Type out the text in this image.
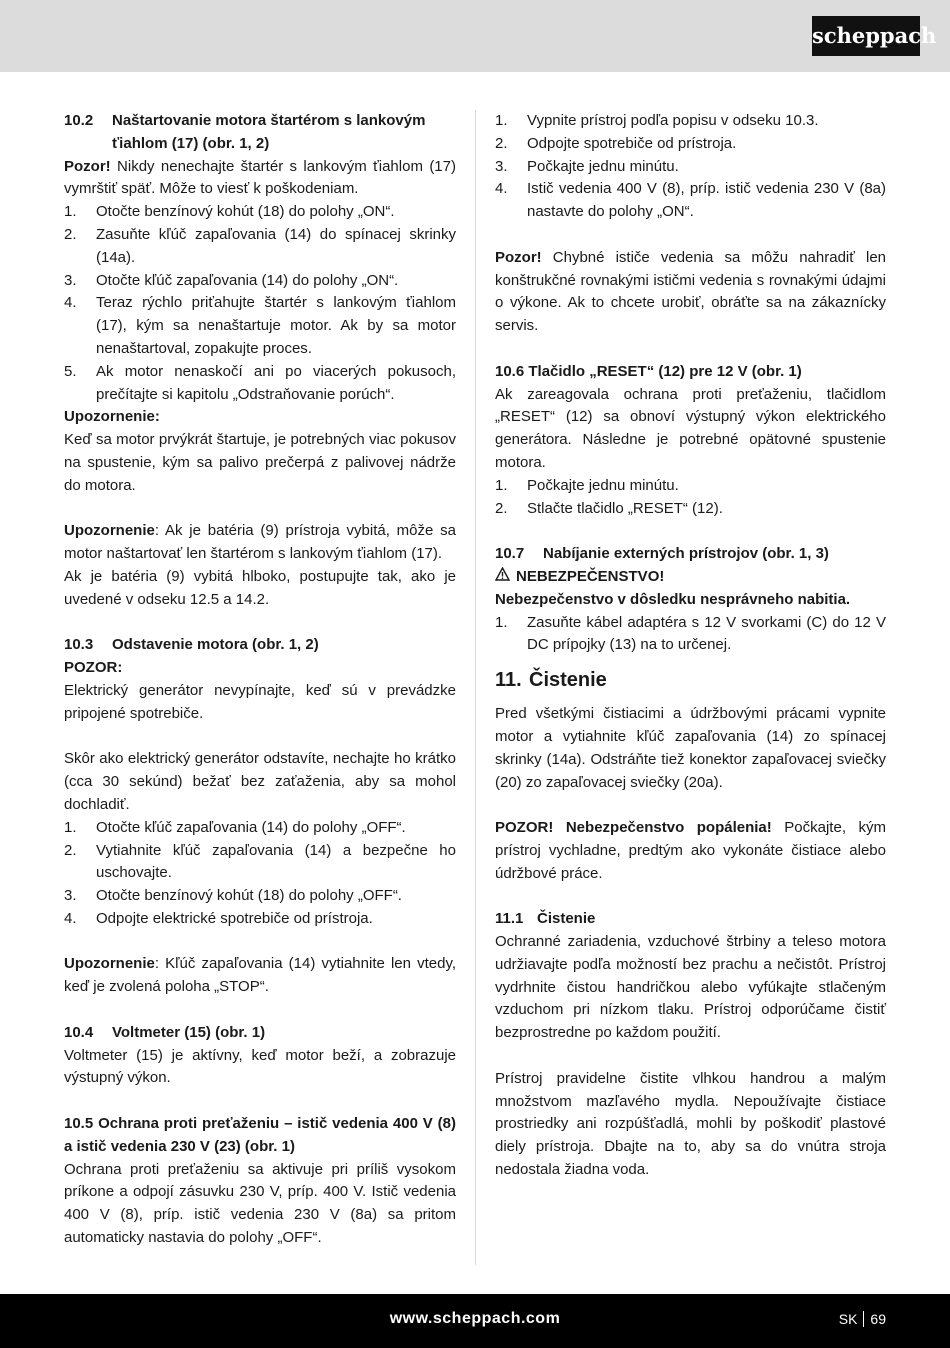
scheppach
10.2	Naštartovanie motora štartérom s lankovým ťiahlom (17) (obr. 1, 2)

Pozor! Nikdy nenechajte štartér s lankovým ťiahlom (17) vymrštiť späť. Môže to viesť k poškodeniam.

1.	Otočte benzínový kohút (18) do polohy „ON“.
2.	Zasuňte kľúč zapaľovania (14) do spínacej skrinky (14a).
3.	Otočte kľúč zapaľovania (14) do polohy „ON“.
4.	Teraz rýchlo priťahujte štartér s lankovým ťiahlom (17), kým sa nenaštartuje motor. Ak by sa motor nenaštartoval, zopakujte proces.
5.	Ak motor nenaskočí ani po viacerých pokusoch, prečítajte si kapitolu „Odstraňovanie porúch“.

Upozornenie:

Keď sa motor prvýkrát štartuje, je potrebných viac pokusov na spustenie, kým sa palivo prečerpá z palivovej nádrže do motora.

Upozornenie: Ak je batéria (9) prístroja vybitá, môže sa motor naštartovať len štartérom s lankovým ťiahlom (17).

Ak je batéria (9) vybitá hlboko, postupujte tak, ako je uvedené v odseku 12.5 a 14.2.

10.3	Odstavenie motora (obr. 1, 2)

POZOR:

Elektrický generátor nevypínajte, keď sú v prevádzke pripojené spotrebiče.

Skôr ako elektrický generátor odstavíte, nechajte ho krátko (cca 30 sekúnd) bežať bez zaťaženia, aby sa mohol dochladiť.

1.	Otočte kľúč zapaľovania (14) do polohy „OFF“.
2.	Vytiahnite kľúč zapaľovania (14) a bezpečne ho uschovajte.
3.	Otočte benzínový kohút (18) do polohy „OFF“.
4.	Odpojte elektrické spotrebiče od prístroja.

Upozornenie: Kľúč zapaľovania (14) vytiahnite len vtedy, keď je zvolená poloha „STOP“.

10.4	Voltmeter (15) (obr. 1)

Voltmeter (15) je aktívny, keď motor beží, a zobrazuje výstupný výkon.

10.5 Ochrana proti preťaženiu – istič vedenia 400 V (8) a istič vedenia 230 V (23) (obr. 1)

Ochrana proti preťaženiu sa aktivuje pri príliš vysokom príkone a odpojí zásuvku 230 V, príp. 400 V. Istič vedenia 400 V (8), príp. istič vedenia 230 V (8a) sa pritom automaticky nastavia do polohy „OFF“.

1.	Vypnite prístroj podľa popisu v odseku 10.3.
2.	Odpojte spotrebiče od prístroja.
3.	Počkajte jednu minútu.
4.	Istič vedenia 400 V (8), príp. istič vedenia 230 V (8a) nastavte do polohy „ON“.

Pozor! Chybné ističe vedenia sa môžu nahradiť len konštrukčné rovnakými ističmi vedenia s rovnakými údajmi o výkone. Ak to chcete urobiť, obráťte sa na zákaznícky servis.

10.6 Tlačidlo „RESET“ (12) pre 12 V (obr. 1)

Ak zareagovala ochrana proti preťaženiu, tlačidlom „RESET“ (12) sa obnoví výstupný výkon elektrického generátora. Následne je potrebné opätovné spustenie motora.

1.	Počkajte jednu minútu.
2.	Stlačte tlačidlo „RESET“ (12).
10.7	Nabíjanie externých prístrojov (obr. 1, 3)

NEBEZPEČENSTVO!

Nebezpečenstvo v dôsledku nesprávneho nabitia.

1.	Zasuňte kábel adaptéra s 12 V svorkami (C) do 12 V DC prípojky (13) na to určenej.
11. Čistenie

Pred všetkými čistiacimi a údržbovými prácami vypnite motor a vytiahnite kľúč zapaľovania (14) zo spínacej skrinky (14a). Odstráňte tiež konektor zapaľovacej sviečky (20) zo zapaľovacej sviečky (20a).

POZOR! Nebezpečenstvo popálenia! Počkajte, kým prístroj vychladne, predtým ako vykonáte čistiace alebo údržbové práce.

11.1 Čistenie

Ochranné zariadenia, vzduchové štrbiny a teleso motora udržiavajte podľa možností bez prachu a nečistôt. Prístroj vydrhnite čistou handričkou alebo vyfúkajte stlačeným vzduchom pri nízkom tlaku. Prístroj odporúčame čistiť bezprostredne po každom použití.

Prístroj pravidelne čistite vlhkou handrou a malým množstvom mazľavého mydla. Nepoužívajte čistiace prostriedky ani rozpúšťadlá, mohli by poškodiť plastové diely prístroja. Dbajte na to, aby sa do vnútra stroja nedostala žiadna voda.

www.scheppach.com	SK 69
